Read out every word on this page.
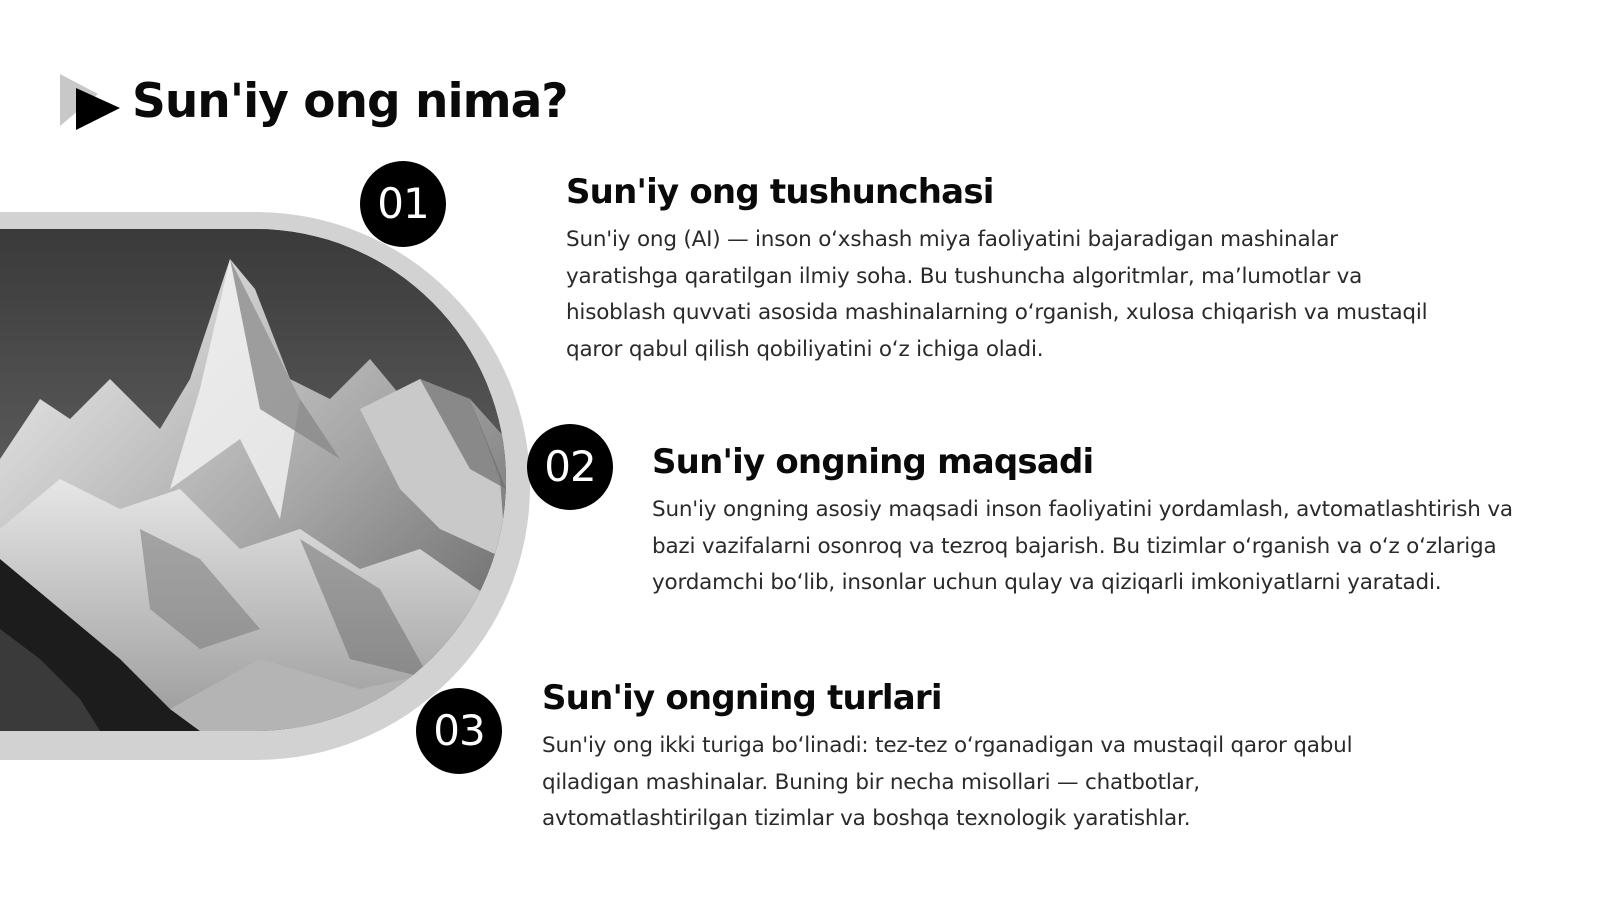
Sun'iy ong nima?
01	Sun'iy ong tushunchasi

Sun'iy ong (AI) — inson oʻxshash miya faoliyatini bajaradigan mashinalar yaratishga qaratilgan ilmiy soha. Bu tushuncha algoritmlar, maʼlumotlar va hisoblash quvvati asosida mashinalarning oʻrganish, xulosa chiqarish va mustaqil qaror qabul qilish qobiliyatini oʻz ichiga oladi.

02	Sun'iy ongning maqsadi

Sun'iy ongning asosiy maqsadi inson faoliyatini yordamlash, avtomatlashtirish va bazi vazifalarni osonroq va tezroq bajarish. Bu tizimlar oʻrganish va oʻz oʻzlariga yordamchi boʻlib, insonlar uchun qulay va qiziqarli imkoniyatlarni yaratadi.

03
Sun'iy ongning turlari

Sun'iy ong ikki turiga boʻlinadi: tez-tez oʻrganadigan va mustaqil qaror qabul qiladigan mashinalar. Buning bir necha misollari — chatbotlar, avtomatlashtirilgan tizimlar va boshqa texnologik yaratishlar.
